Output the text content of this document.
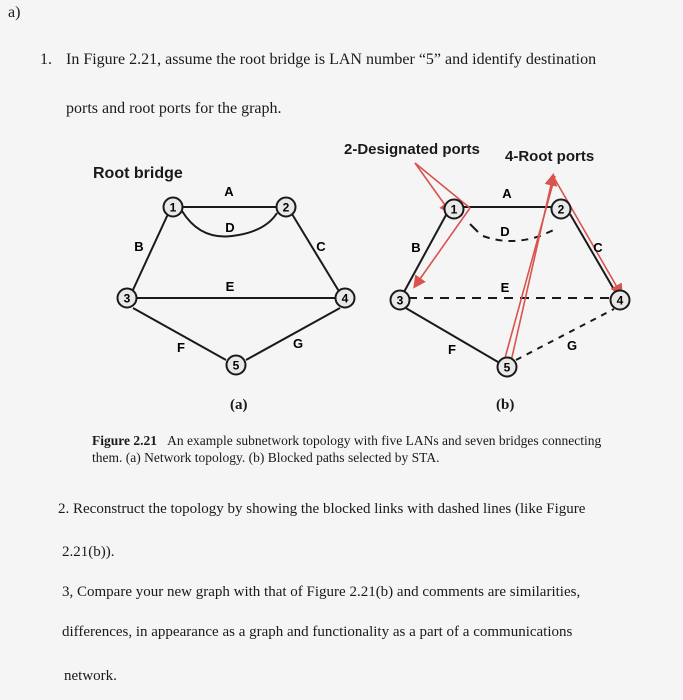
a)
1. In Figure 2.21, assume the root bridge is LAN number “5” and identify destination
ports and root ports for the graph.
Root bridge
2-Designated ports 4-Root ports
1	2
3	4
5
A
D
B	C
E
F	G
1	2
3	4
5
A
D
B	C
E
F	G
(a)	(b)
Figure 2.21 An example subnetwork topology with five LANs and seven bridges connecting them. (a) Network topology. (b) Blocked paths selected by STA.
2. Reconstruct the topology by showing the blocked links with dashed lines (like Figure
2.21(b)).
3, Compare your new graph with that of Figure 2.21(b) and comments are similarities,
differences, in appearance as a graph and functionality as a part of a communications
network.
